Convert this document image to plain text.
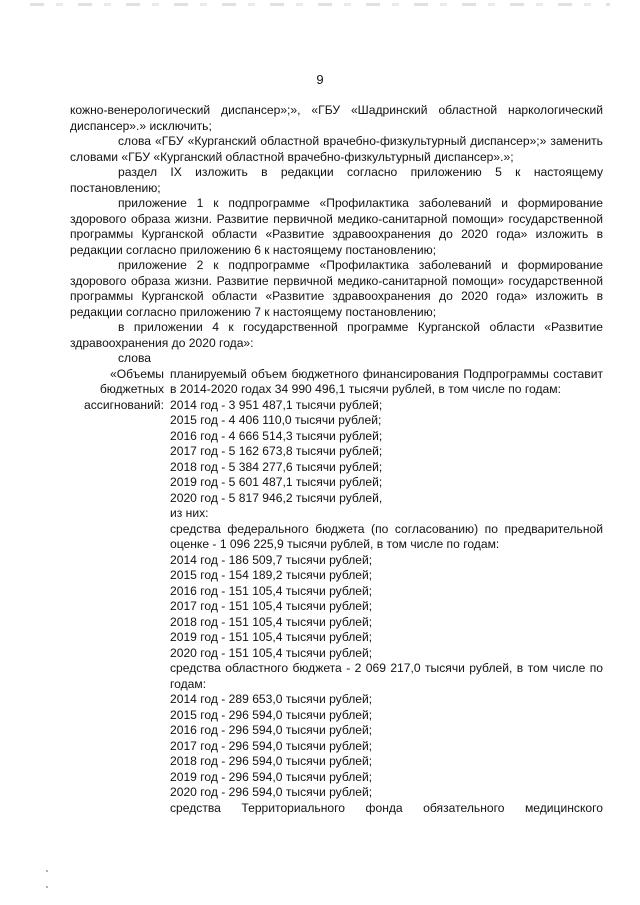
9

кожно-венерологический диспансер»;», «ГБУ «Шадринский областной наркологический диспансер».» исключить;

слова «ГБУ «Курганский областной врачебно-физкультурный диспансер»;» заменить словами «ГБУ «Курганский областной врачебно-физкультурный диспансер».»;

раздел IX изложить в редакции согласно приложению 5 к настоящему постановлению;

приложение 1 к подпрограмме «Профилактика заболеваний и формирование здорового образа жизни. Развитие первичной медико-санитарной помощи» государственной программы Курганской области «Развитие здравоохранения до 2020 года» изложить в редакции согласно приложению 6 к настоящему постановлению;

приложение 2 к подпрограмме «Профилактика заболеваний и формирование здорового образа жизни. Развитие первичной медико-санитарной помощи» государственной программы Курганской области «Развитие здравоохранения до 2020 года» изложить в редакции согласно приложению 7 к настоящему постановлению;

в приложении 4 к государственной программе Курганской области «Развитие здравоохранения до 2020 года»:

слова

«Объемы
бюджетных
ассигнований:

планируемый объем бюджетного финансирования Подпрограммы составит в 2014-2020 годах 34 990 496,1 тысячи рублей, в том числе по годам:

2014 год - 3 951 487,1 тысячи рублей;
2015 год - 4 406 110,0 тысячи рублей;
2016 год - 4 666 514,3 тысячи рублей;
2017 год - 5 162 673,8 тысячи рублей;
2018 год - 5 384 277,6 тысячи рублей;
2019 год - 5 601 487,1 тысячи рублей;
2020 год - 5 817 946,2 тысячи рублей,
из них:

средства федерального бюджета (по согласованию) по предварительной оценке - 1 096 225,9 тысячи рублей, в том числе по годам:

2014 год - 186 509,7 тысячи рублей;
2015 год - 154 189,2 тысячи рублей;
2016 год - 151 105,4 тысячи рублей;
2017 год - 151 105,4 тысячи рублей;
2018 год - 151 105,4 тысячи рублей;
2019 год - 151 105,4 тысячи рублей;
2020 год - 151 105,4 тысячи рублей;

средства областного бюджета - 2 069 217,0 тысячи рублей, в том числе по годам:

2014 год - 289 653,0 тысячи рублей;
2015 год - 296 594,0 тысячи рублей;
2016 год - 296 594,0 тысячи рублей;
2017 год - 296 594,0 тысячи рублей;
2018 год - 296 594,0 тысячи рублей;
2019 год - 296 594,0 тысячи рублей;
2020 год - 296 594,0 тысячи рублей;
средства Территориального фонда обязательного медицинского
